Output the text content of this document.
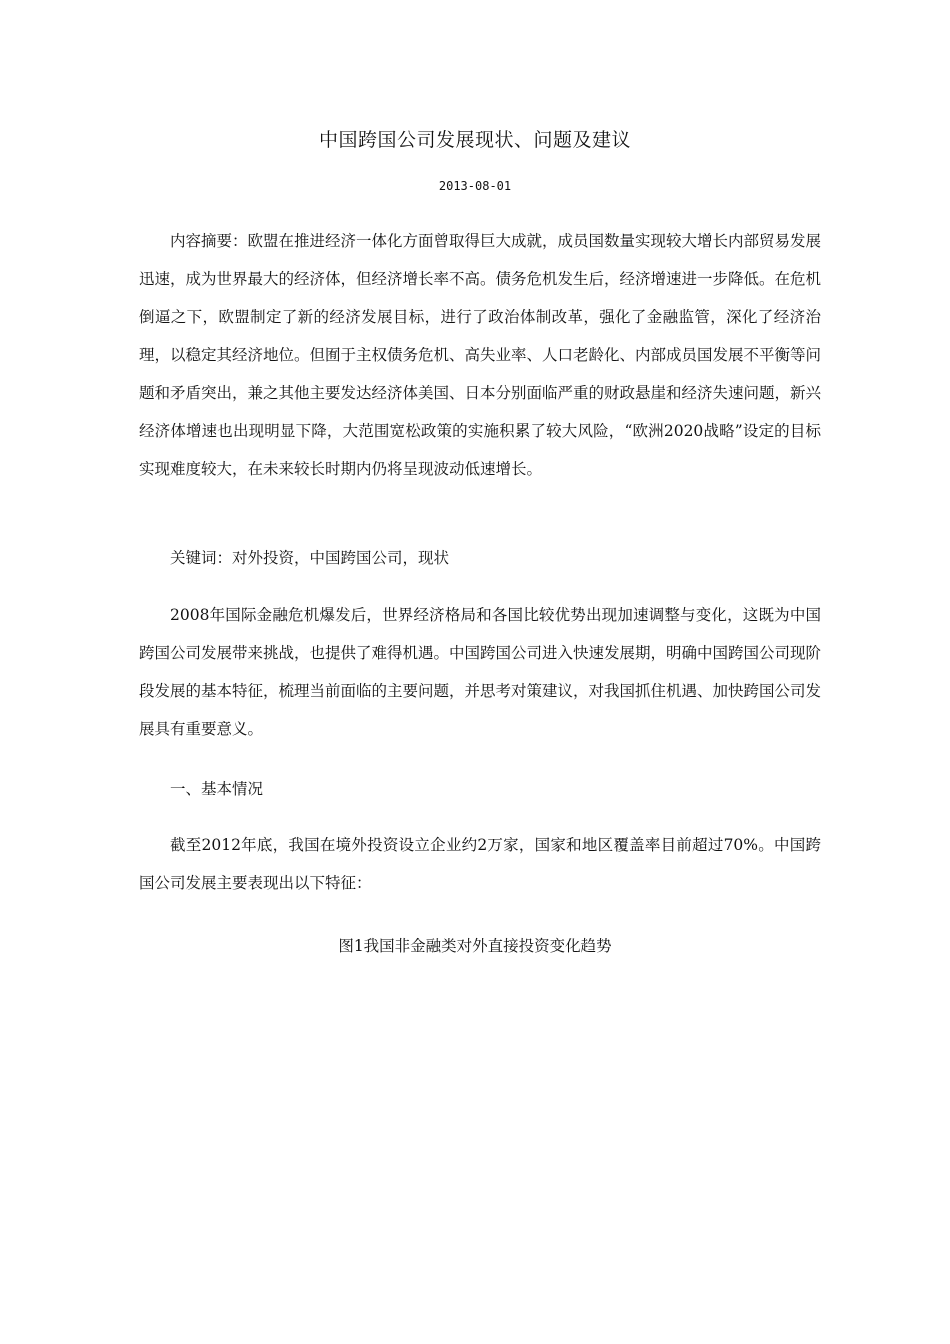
中国跨国公司发展现状、问题及建议
2013-08-01

内容摘要：欧盟在推进经济一体化方面曾取得巨大成就，成员国数量实现较大增长内部贸易发展迅速，成为世界最大的经济体，但经济增长率不高。债务危机发生后，经济增速进一步降低。在危机倒逼之下，欧盟制定了新的经济发展目标，进行了政治体制改革，强化了金融监管，深化了经济治理，以稳定其经济地位。但囿于主权债务危机、高失业率、人口老龄化、内部成员国发展不平衡等问题和矛盾突出，兼之其他主要发达经济体美国、日本分别面临严重的财政悬崖和经济失速问题，新兴经济体增速也出现明显下降，大范围宽松政策的实施积累了较大风险，“欧洲2020战略”设定的目标实现难度较大，在未来较长时期内仍将呈现波动低速增长。

关键词：对外投资，中国跨国公司，现状

2008年国际金融危机爆发后，世界经济格局和各国比较优势出现加速调整与变化，这既为中国跨国公司发展带来挑战，也提供了难得机遇。中国跨国公司进入快速发展期，明确中国跨国公司现阶段发展的基本特征，梳理当前面临的主要问题，并思考对策建议，对我国抓住机遇、加快跨国公司发展具有重要意义。

一、基本情况

截至2012年底，我国在境外投资设立企业约2万家，国家和地区覆盖率目前超过70%。中国跨国公司发展主要表现出以下特征：

图1我国非金融类对外直接投资变化趋势
